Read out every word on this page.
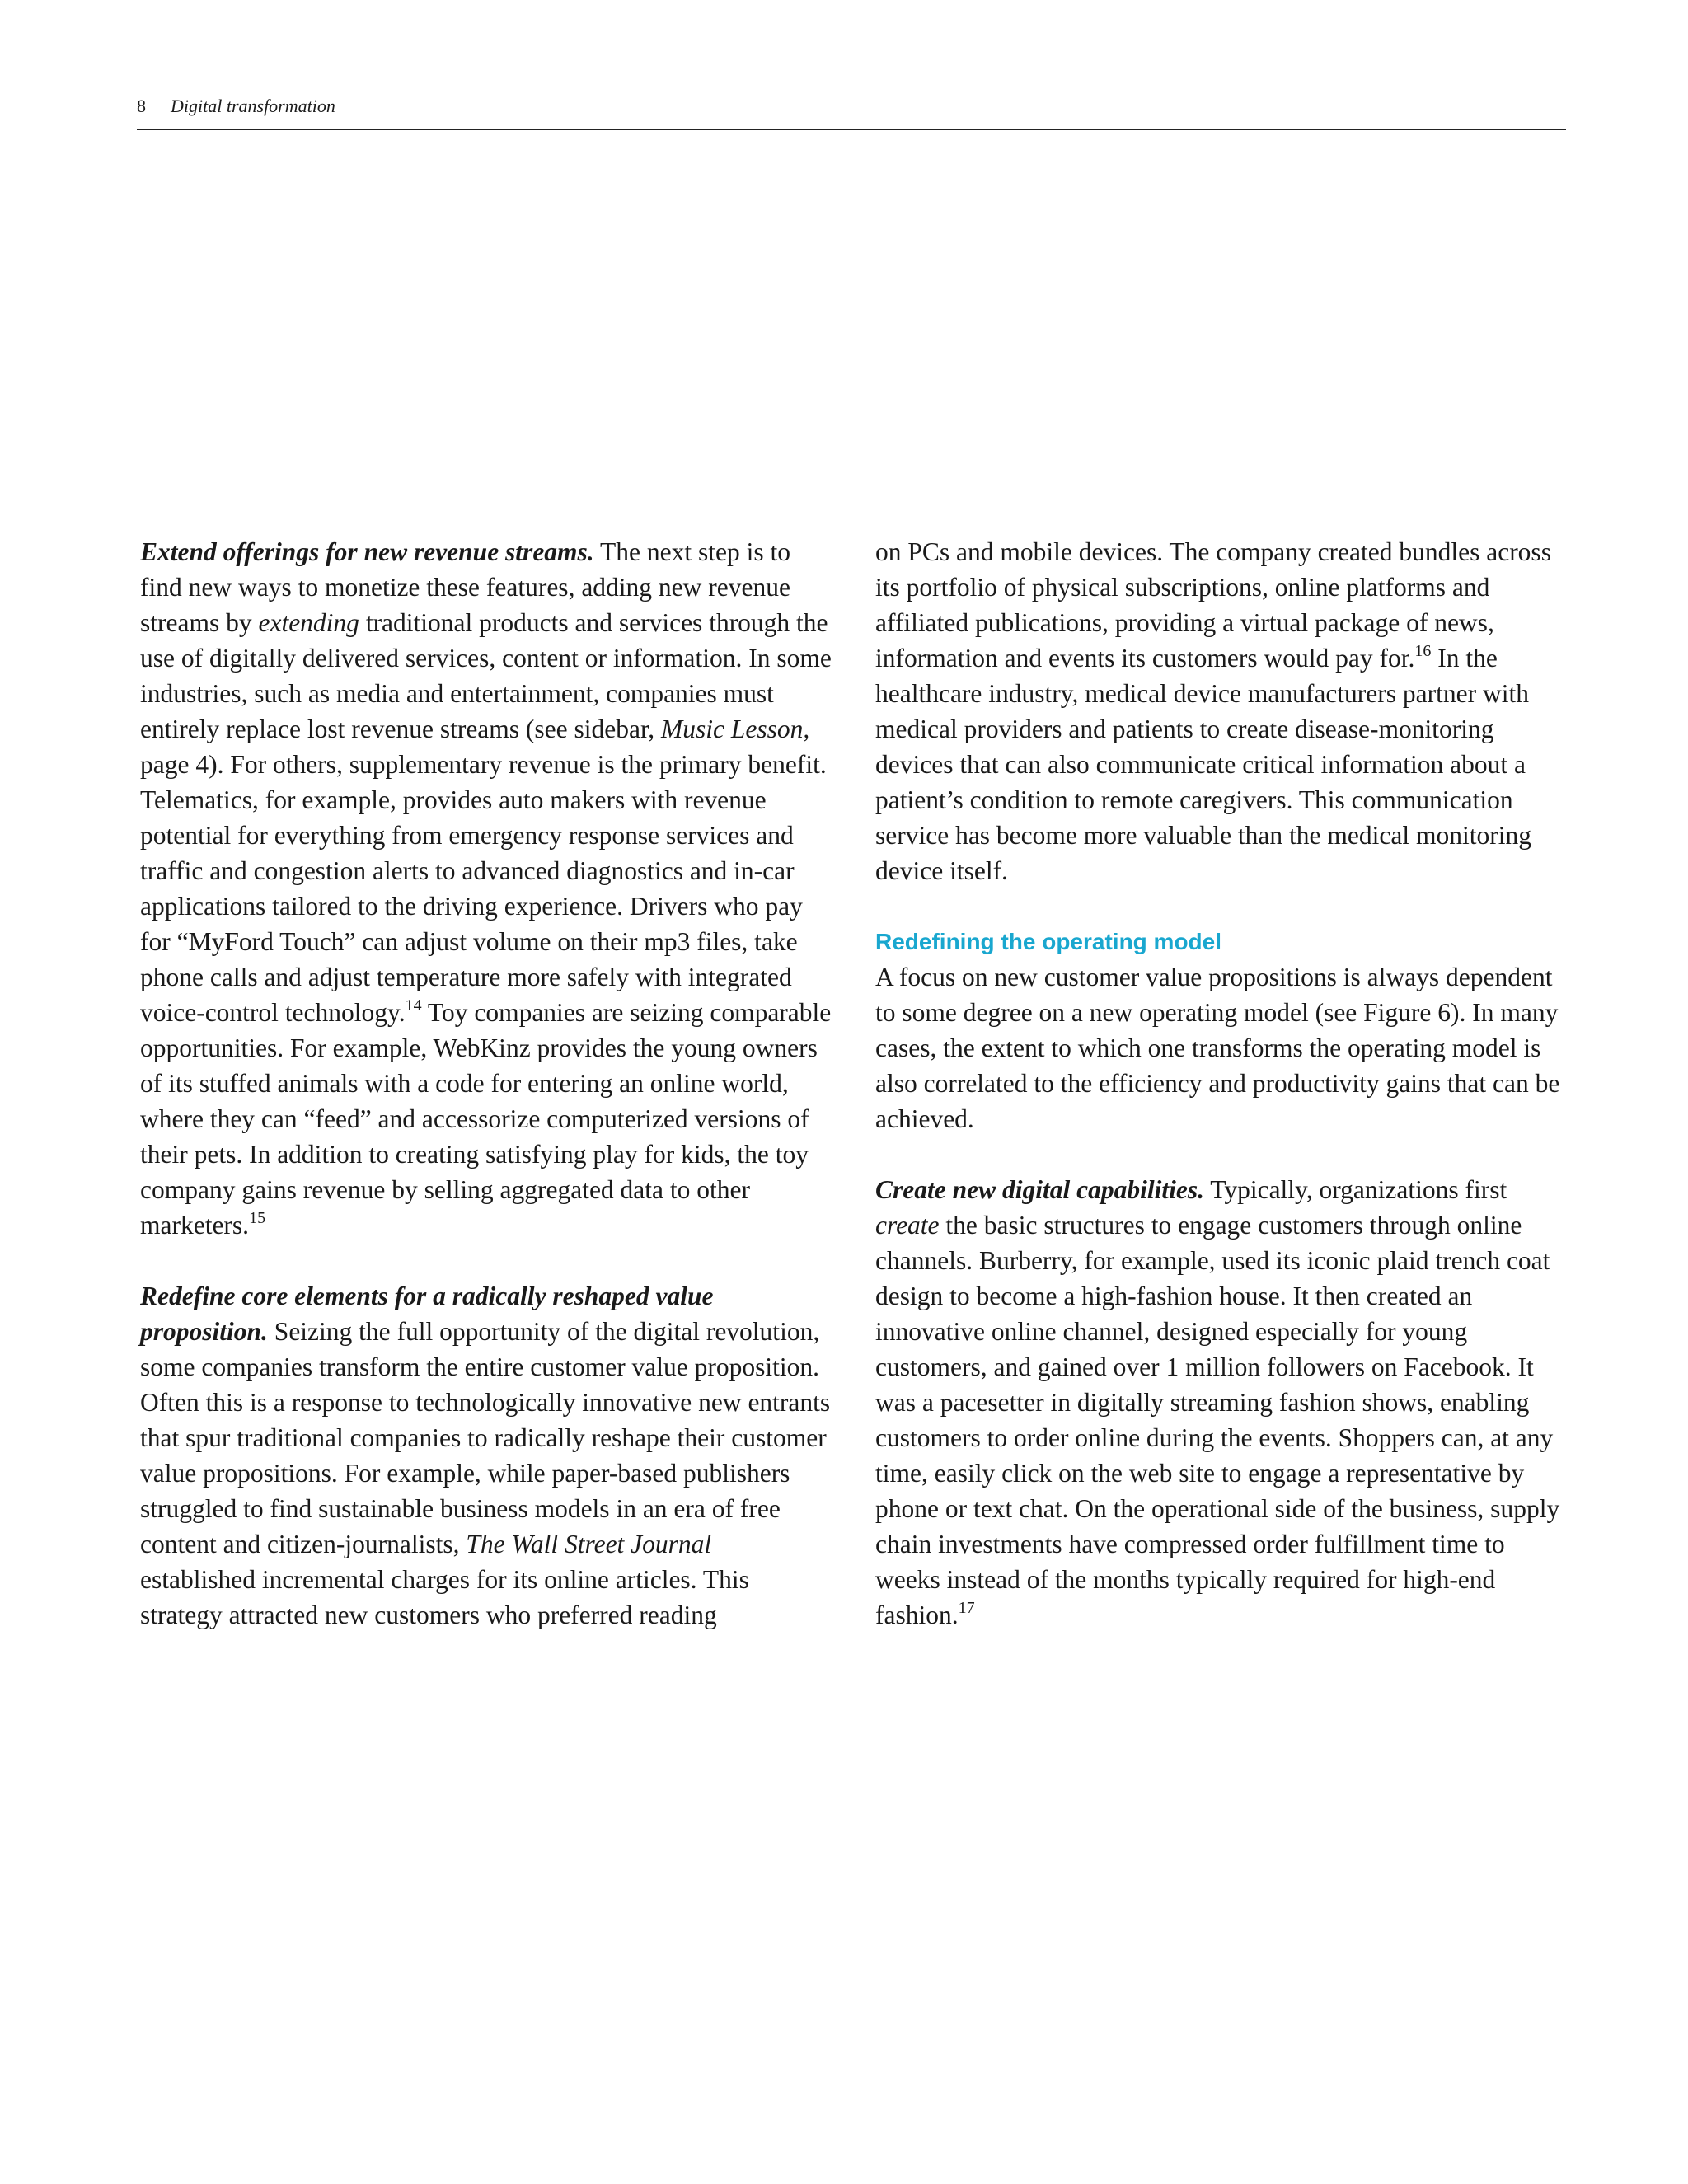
8 Digital transformation

Extend offerings for new revenue streams. The next step is to find new ways to monetize these features, adding new revenue streams by extending traditional products and services through the use of digitally delivered services, content or information. In some industries, such as media and entertainment, companies must entirely replace lost revenue streams (see sidebar, Music Lesson, page 4). For others, supplementary revenue is the primary benefit. Telematics, for example, provides auto makers with revenue potential for everything from emergency response services and traffic and congestion alerts to advanced diagnostics and in-car applications tailored to the driving experience. Drivers who pay for “MyFord Touch” can adjust volume on their mp3 files, take phone calls and adjust temperature more safely with integrated voice-control technology.$^{14}$ Toy companies are seizing comparable opportunities. For example, WebKinz provides the young owners of its stuffed animals with a code for entering an online world, where they can “feed” and accessorize computerized versions of their pets. In addition to creating satisfying play for kids, the toy company gains revenue by selling aggregated data to other marketers.$^{15}$

Redefine core elements for a radically reshaped value proposition. Seizing the full opportunity of the digital revolution, some companies transform the entire customer value proposition. Often this is a response to technologically innovative new entrants that spur traditional companies to radically reshape their customer value propositions. For example, while paper-based publishers struggled to find sustainable business models in an era of free content and citizen-journalists, The Wall Street Journal established incremental charges for its online articles. This strategy attracted new customers who preferred reading

on PCs and mobile devices. The company created bundles across its portfolio of physical subscriptions, online platforms and affiliated publications, providing a virtual package of news, information and events its customers would pay for.$^{16}$ In the healthcare industry, medical device manufacturers partner with medical providers and patients to create disease-monitoring devices that can also communicate critical information about a patient’s condition to remote caregivers. This communication service has become more valuable than the medical monitoring device itself.

Redefining the operating model

A focus on new customer value propositions is always dependent to some degree on a new operating model (see Figure 6). In many cases, the extent to which one transforms the operating model is also correlated to the efficiency and productivity gains that can be achieved.

Create new digital capabilities. Typically, organizations first create the basic structures to engage customers through online channels. Burberry, for example, used its iconic plaid trench coat design to become a high-fashion house. It then created an innovative online channel, designed especially for young customers, and gained over 1 million followers on Facebook. It was a pacesetter in digitally streaming fashion shows, enabling customers to order online during the events. Shoppers can, at any time, easily click on the web site to engage a representative by phone or text chat. On the operational side of the business, supply chain investments have compressed order fulfillment time to weeks instead of the months typically required for high-end fashion.$^{17}$
